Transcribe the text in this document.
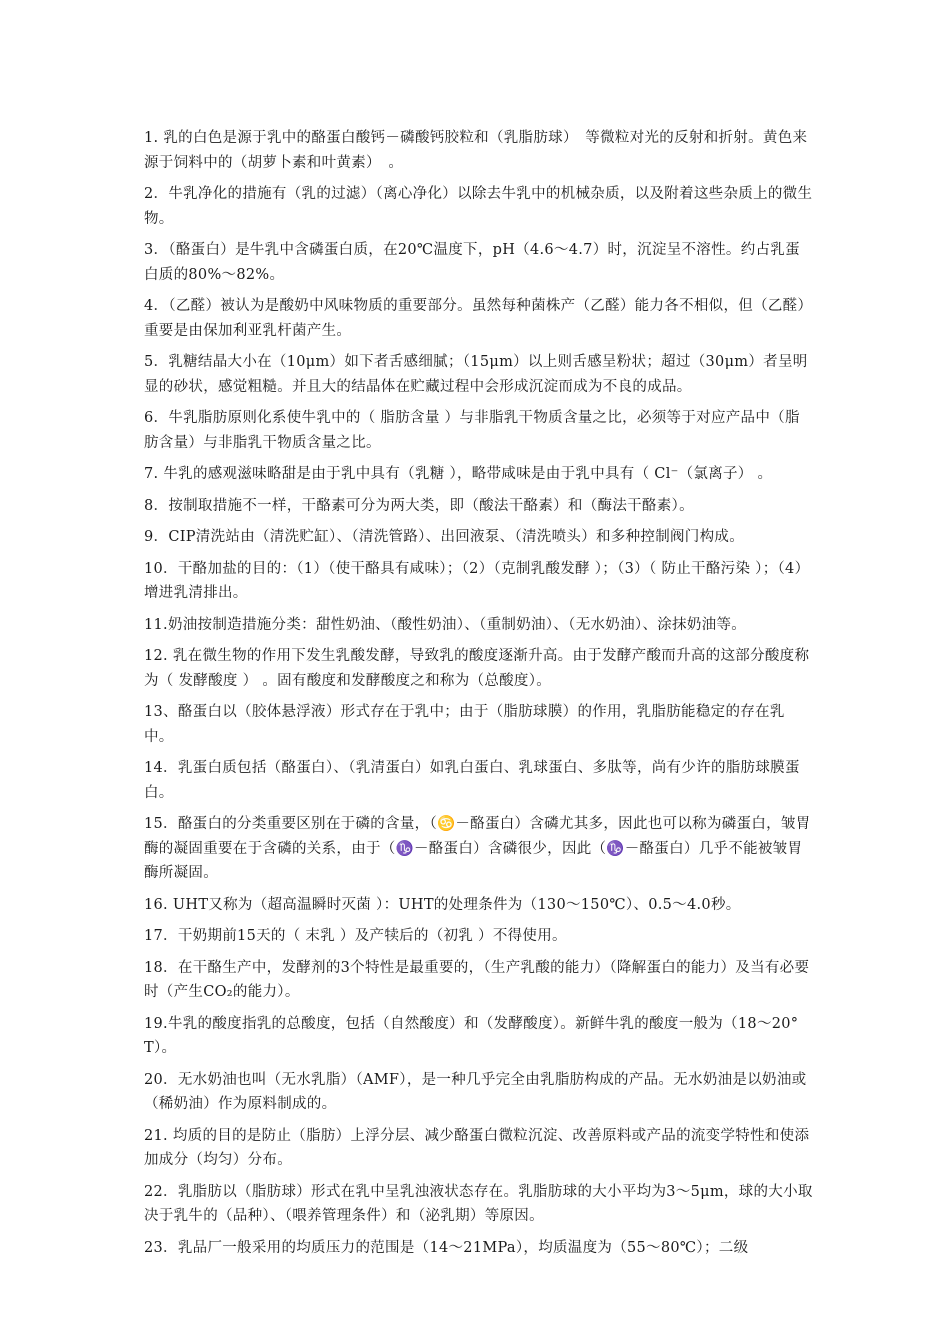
1. 乳的白色是源于乳中的酪蛋白酸钙－磷酸钙胶粒和（乳脂肪球）　等微粒对光的反射和折射。黄色来源于饲料中的（胡萝卜素和叶黄素）　。

2．牛乳净化的措施有（乳的过滤）（离心净化）以除去牛乳中的机械杂质，以及附着这些杂质上的微生物。

3．（酪蛋白）是牛乳中含磷蛋白质，在20℃温度下，pH（4.6～4.7）时，沉淀呈不溶性。约占乳蛋白质的80%～82%。

4．（乙醛）被认为是酸奶中风味物质的重要部分。虽然每种菌株产（乙醛）能力各不相似，但（乙醛）重要是由保加利亚乳杆菌产生。

5．乳糖结晶大小在（10μm）如下者舌感细腻；（15μm）以上则舌感呈粉状；超过（30μm）者呈明显的砂状，感觉粗糙。并且大的结晶体在贮藏过程中会形成沉淀而成为不良的成品。

6．牛乳脂肪原则化系使牛乳中的（ 脂肪含量 ）与非脂乳干物质含量之比，必须等于对应产品中（脂肪含量）与非脂乳干物质含量之比。

7. 牛乳的感观滋味略甜是由于乳中具有（乳糖 ），略带咸味是由于乳中具有（ Cl⁻（氯离子） 。

8．按制取措施不一样，干酪素可分为两大类，即（酸法干酪素）和（酶法干酪素）。

9．CIP清洗站由（清洗贮缸）、（清洗管路）、出回液泵、（清洗喷头）和多种控制阀门构成。

10．干酪加盐的目的：（1）（使干酪具有咸味）；（2）（克制乳酸发酵 ）；（3）（ 防止干酪污染 ）；（4）增进乳清排出。

11.奶油按制造措施分类：甜性奶油、（酸性奶油）、（重制奶油）、（无水奶油）、涂抹奶油等。

12. 乳在微生物的作用下发生乳酸发酵，导致乳的酸度逐渐升高。由于发酵产酸而升高的这部分酸度称为（ 发酵酸度 ） 。固有酸度和发酵酸度之和称为（总酸度）。

13、酪蛋白以（胶体悬浮液）形式存在于乳中；由于（脂肪球膜）的作用，乳脂肪能稳定的存在乳中。

14．乳蛋白质包括（酪蛋白）、（乳清蛋白）如乳白蛋白、乳球蛋白、多肽等，尚有少许的脂肪球膜蛋白。

15．酪蛋白的分类重要区别在于磷的含量，（♋－酪蛋白）含磷尤其多，因此也可以称为磷蛋白，皱胃酶的凝固重要在于含磷的关系，由于（♑－酪蛋白）含磷很少，因此（♑－酪蛋白）几乎不能被皱胃酶所凝固。

16. UHT又称为（超高温瞬时灭菌 ）：UHT的处理条件为（130～150℃）、0.5～4.0秒。

17．干奶期前15天的（ 末乳 ）及产犊后的（初乳 ）不得使用。

18．在干酪生产中，发酵剂的3个特性是最重要的，（生产乳酸的能力）（降解蛋白的能力）及当有必要时（产生CO₂的能力）。

19.牛乳的酸度指乳的总酸度，包括（自然酸度）和（发酵酸度）。新鲜牛乳的酸度一般为（18～20°T）。

20．无水奶油也叫（无水乳脂）（AMF），是一种几乎完全由乳脂肪构成的产品。无水奶油是以奶油或（稀奶油）作为原料制成的。

21. 均质的目的是防止（脂肪）上浮分层、减少酪蛋白微粒沉淀、改善原料或产品的流变学特性和使添加成分（均匀）分布。

22．乳脂肪以（脂肪球）形式在乳中呈乳浊液状态存在。乳脂肪球的大小平均为3～5μm，球的大小取决于乳牛的（品种）、（喂养管理条件）和（泌乳期）等原因。

23．乳品厂一般采用的均质压力的范围是（14～21MPa），均质温度为（55～80℃）；二级
